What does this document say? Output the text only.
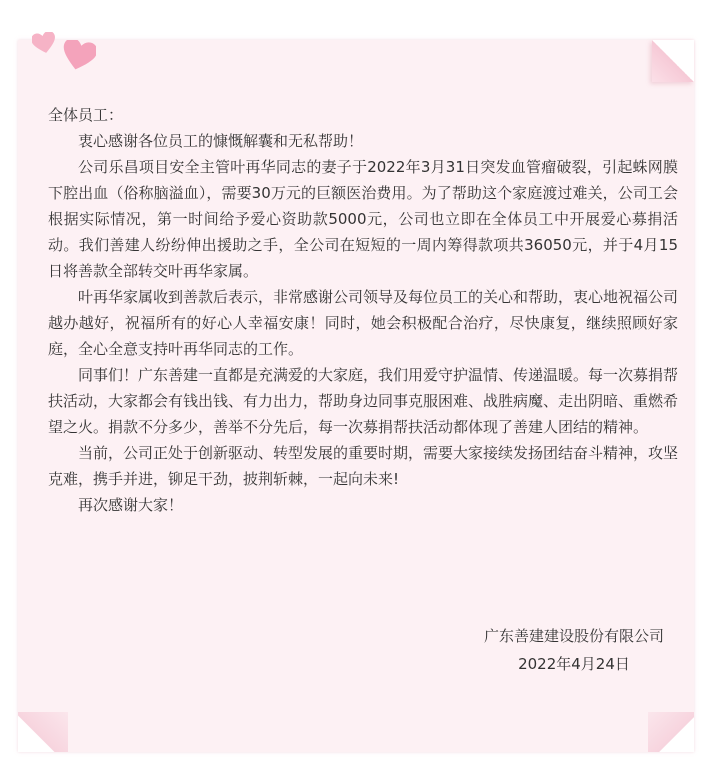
全体员工：

衷心感谢各位员工的慷慨解囊和无私帮助！

公司乐昌项目安全主管叶再华同志的妻子于2022年3月31日突发血管瘤破裂，引起蛛网膜下腔出血（俗称脑溢血），需要30万元的巨额医治费用。为了帮助这个家庭渡过难关，公司工会根据实际情况，第一时间给予爱心资助款5000元，公司也立即在全体员工中开展爱心募捐活动。我们善建人纷纷伸出援助之手，全公司在短短的一周内筹得款项共36050元，并于4月15日将善款全部转交叶再华家属。

叶再华家属收到善款后表示，非常感谢公司领导及每位员工的关心和帮助，衷心地祝福公司越办越好，祝福所有的好心人幸福安康！同时，她会积极配合治疗，尽快康复，继续照顾好家庭，全心全意支持叶再华同志的工作。

同事们！广东善建一直都是充满爱的大家庭，我们用爱守护温情、传递温暖。每一次募捐帮扶活动，大家都会有钱出钱、有力出力，帮助身边同事克服困难、战胜病魔、走出阴暗、重燃希望之火。捐款不分多少，善举不分先后，每一次募捐帮扶活动都体现了善建人团结的精神。

当前，公司正处于创新驱动、转型发展的重要时期，需要大家接续发扬团结奋斗精神，攻坚克难，携手并进，铆足干劲，披荆斩棘，一起向未来!

再次感谢大家！

广东善建建设股份有限公司
2022年4月24日
